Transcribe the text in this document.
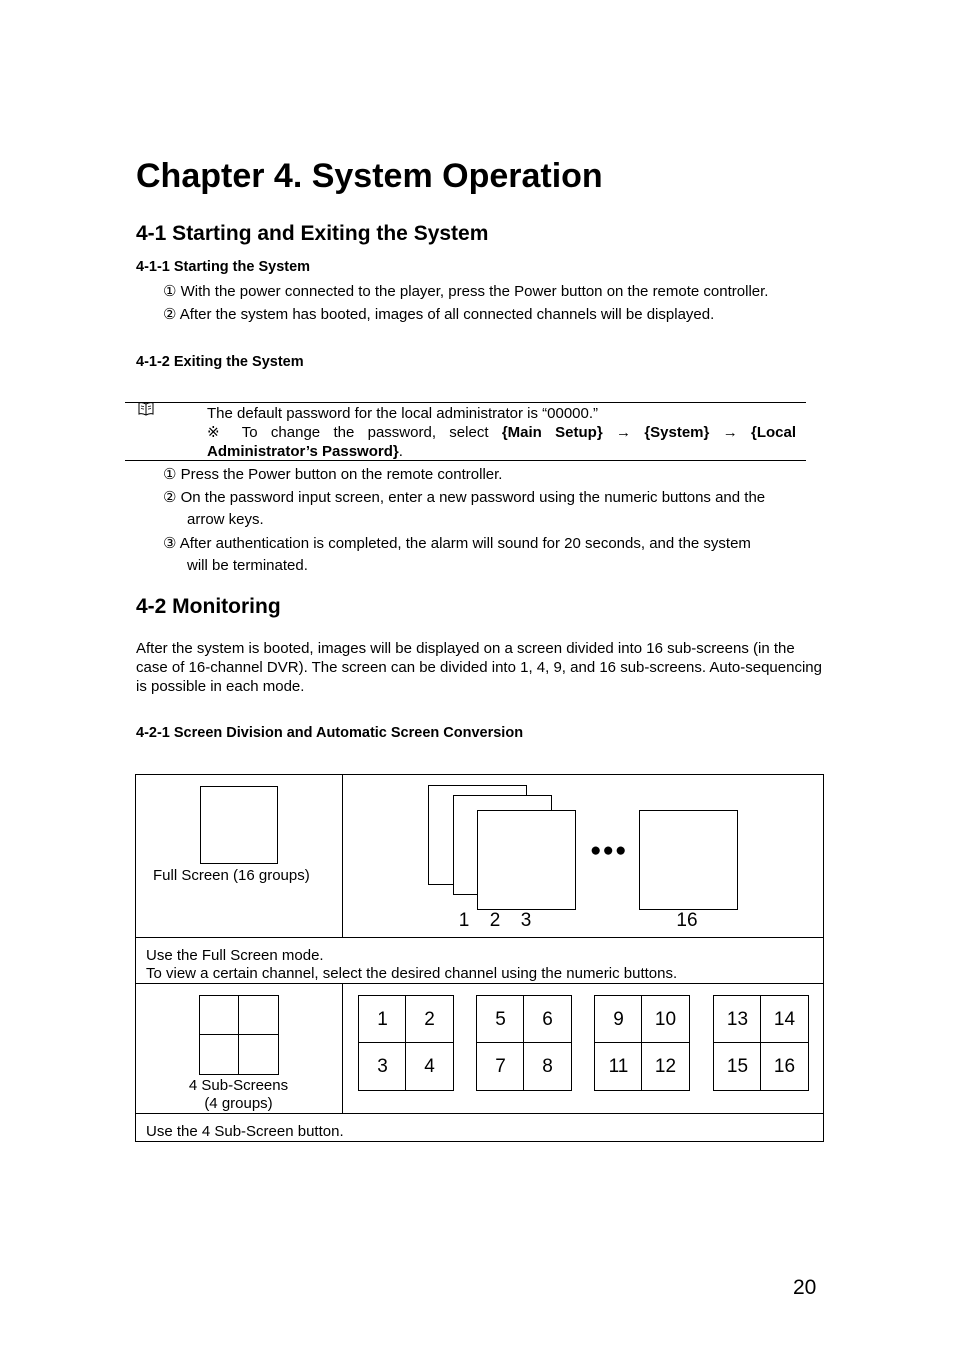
Chapter 4. System Operation
4-1 Starting and Exiting the System
4-1-1 Starting the System
① With the power connected to the player, press the Power button on the remote controller.
② After the system has booted, images of all connected channels will be displayed.
4-1-2 Exiting the System
The default password for the local administrator is “00000.”
※ To change the password, select {Main Setup} → {System} → {Local
Administrator’s Password}.
① Press the Power button on the remote controller.
② On the password input screen, enter a new password using the numeric buttons and the
arrow keys.
③ After authentication is completed, the alarm will sound for 20 seconds, and the system
will be terminated.
4-2 Monitoring
After the system is booted, images will be displayed on a screen divided into 16 sub-screens (in the case of 16-channel DVR). The screen can be divided into 1, 4, 9, and 16 sub-screens. Auto-sequencing is possible in each mode.
4-2-1 Screen Division and Automatic Screen Conversion
Full Screen (16 groups)
●●●
1 2 3	16
Use the Full Screen mode.
To view a certain channel, select the desired channel using the numeric buttons.
4 Sub-Screens
(4 groups)
1	2
3	4
5	6
7	8
9	10
11	12
13	14
15	16
Use the 4 Sub-Screen button.
20
